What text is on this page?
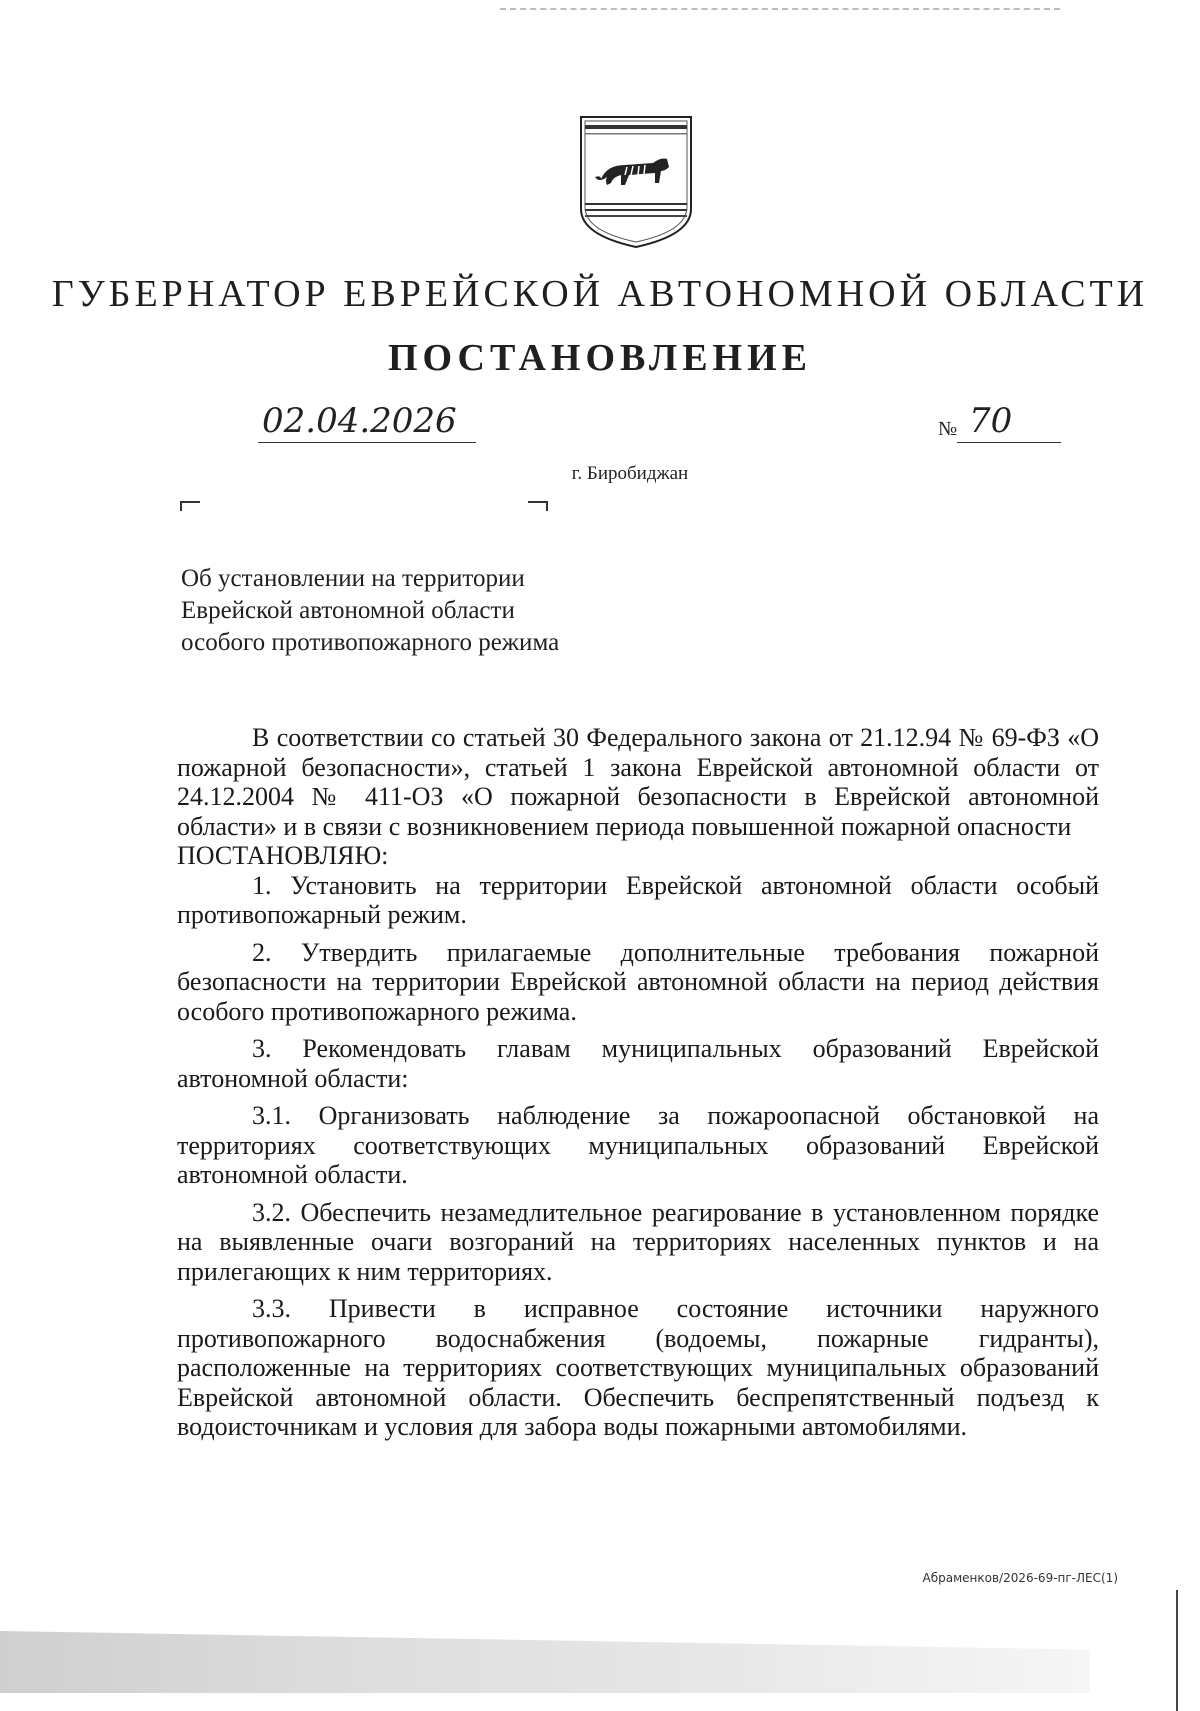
ГУБЕРНАТОР ЕВРЕЙСКОЙ АВТОНОМНОЙ ОБЛАСТИ
ПОСТАНОВЛЕНИЕ
02.04.2026	№ 70
г. Биробиджан
Об установлении на территории
Еврейской автономной области
особого противопожарного режима

В соответствии со статьей 30 Федерального закона от 21.12.94 № 69-ФЗ «О пожарной безопасности», статьей 1 закона Еврейской автономной области от 24.12.2004 № 411-ОЗ «О пожарной безопасности в Еврейской автономной области» и в связи с возникновением периода повышенной пожарной опасности

ПОСТАНОВЛЯЮ:

1. Установить на территории Еврейской автономной области особый противопожарный режим.

2. Утвердить прилагаемые дополнительные требования пожарной безопасности на территории Еврейской автономной области на период действия особого противопожарного режима.

3. Рекомендовать главам муниципальных образований Еврейской автономной области:

3.1. Организовать наблюдение за пожароопасной обстановкой на территориях соответствующих муниципальных образований Еврейской автономной области.

3.2. Обеспечить незамедлительное реагирование в установленном порядке на выявленные очаги возгораний на территориях населенных пунктов и на прилегающих к ним территориях.

3.3. Привести в исправное состояние источники наружного противопожарного водоснабжения (водоемы, пожарные гидранты), расположенные на территориях соответствующих муниципальных образований Еврейской автономной области. Обеспечить беспрепятственный подъезд к водоисточникам и условия для забора воды пожарными автомобилями.

Абраменков/2026-69-пг-ЛЕС(1)
